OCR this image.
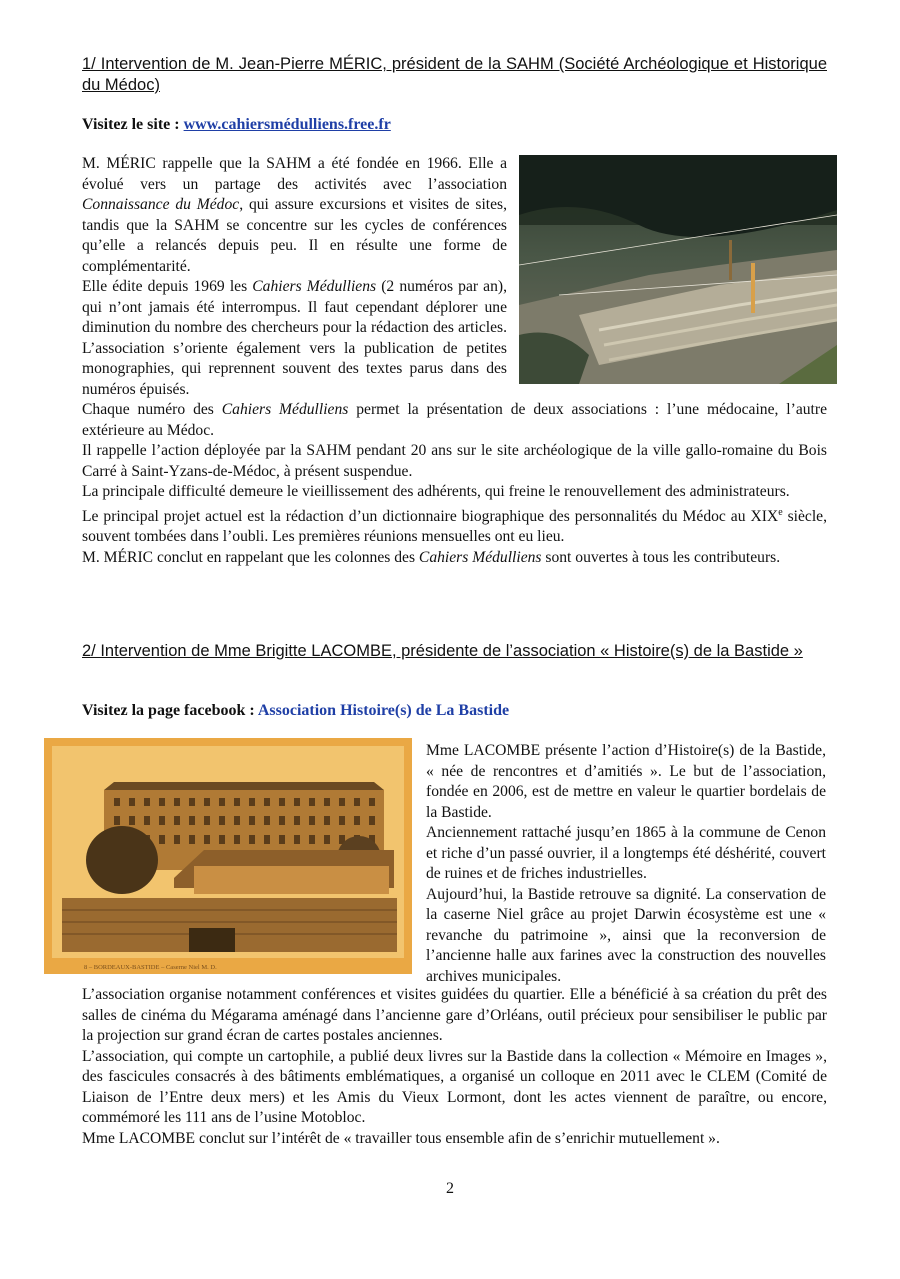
1/ Intervention de M. Jean-Pierre MÉRIC, président de la SAHM (Société Archéologique et Historique du Médoc)
Visitez le site : www.cahiersmédulliens.free.fr

M. MÉRIC rappelle que la SAHM a été fondée en 1966. Elle a évolué vers un partage des activités avec l’association Connaissance du Médoc, qui assure excursions et visites de sites, tandis que la SAHM se concentre sur les cycles de conférences qu’elle a relancés depuis peu. Il en résulte une forme de complémentarité.

Elle édite depuis 1969 les Cahiers Médulliens (2 numéros par an), qui n’ont jamais été interrompus. Il faut cependant déplorer une diminution du nombre des chercheurs pour la rédaction des articles. L’association s’oriente également vers la publication de petites monographies, qui reprennent souvent des textes parus dans des numéros épuisés.

Chaque numéro des Cahiers Médulliens permet la présentation de deux associations : l’une médocaine, l’autre extérieure au Médoc.

Il rappelle l’action déployée par la SAHM pendant 20 ans sur le site archéologique de la ville gallo-romaine du Bois Carré à Saint-Yzans-de-Médoc, à présent suspendue.

La principale difficulté demeure le vieillissement des adhérents, qui freine le renouvellement des administrateurs.

Le principal projet actuel est la rédaction d’un dictionnaire biographique des personnalités du Médoc au XIXe siècle, souvent tombées dans l’oubli. Les premières réunions mensuelles ont eu lieu.

M. MÉRIC conclut en rappelant que les colonnes des Cahiers Médulliens sont ouvertes à tous les contributeurs.

2/ Intervention de Mme Brigitte LACOMBE, présidente de l’association « Histoire(s) de la Bastide »
Visitez la page facebook : Association Histoire(s) de La Bastide
8 – BORDEAUX-BASTIDE – Caserne Niel M. D.

Mme LACOMBE présente l’action d’Histoire(s) de la Bastide, « née de rencontres et d’amitiés ». Le but de l’association, fondée en 2006, est de mettre en valeur le quartier bordelais de la Bastide.

Anciennement rattaché jusqu’en 1865 à la commune de Cenon et riche d’un passé ouvrier, il a longtemps été déshérité, couvert de ruines et de friches industrielles.

Aujourd’hui, la Bastide retrouve sa dignité. La conservation de la caserne Niel grâce au projet Darwin écosystème est une « revanche du patrimoine », ainsi que la reconversion de l’ancienne halle aux farines avec la construction des nouvelles archives municipales.

L’association organise notamment conférences et visites guidées du quartier. Elle a bénéficié à sa création du prêt des salles de cinéma du Mégarama aménagé dans l’ancienne gare d’Orléans, outil précieux pour sensibiliser le public par la projection sur grand écran de cartes postales anciennes.

L’association, qui compte un cartophile, a publié deux livres sur la Bastide dans la collection « Mémoire en Images », des fascicules consacrés à des bâtiments emblématiques, a organisé un colloque en 2011 avec le CLEM (Comité de Liaison de l’Entre deux mers) et les Amis du Vieux Lormont, dont les actes viennent de paraître, ou encore, commémoré les 111 ans de l’usine Motobloc.

Mme LACOMBE conclut sur l’intérêt de « travailler tous ensemble afin de s’enrichir mutuellement ».

2
